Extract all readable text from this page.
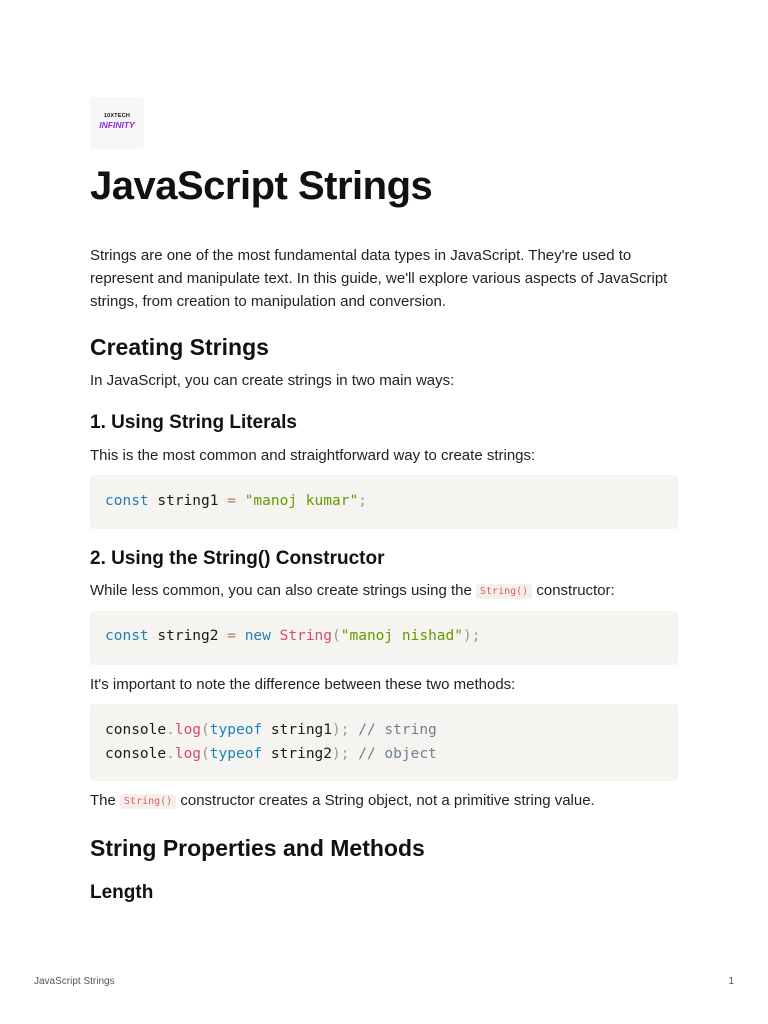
10XTECH
INFINITY
JavaScript Strings

Strings are one of the most fundamental data types in JavaScript. They're used to represent and manipulate text. In this guide, we'll explore various aspects of JavaScript strings, from creation to manipulation and conversion.

Creating Strings

In JavaScript, you can create strings in two main ways:

1. Using String Literals

This is the most common and straightforward way to create strings:

const string1 = "manoj kumar";
2. Using the String() Constructor

While less common, you can also create strings using the String() constructor:

const string2 = new String("manoj nishad");

It's important to note the difference between these two methods:

console.log(typeof string1); // string
console.log(typeof string2); // object

The String() constructor creates a String object, not a primitive string value.

String Properties and Methods
Length
JavaScript Strings	1
